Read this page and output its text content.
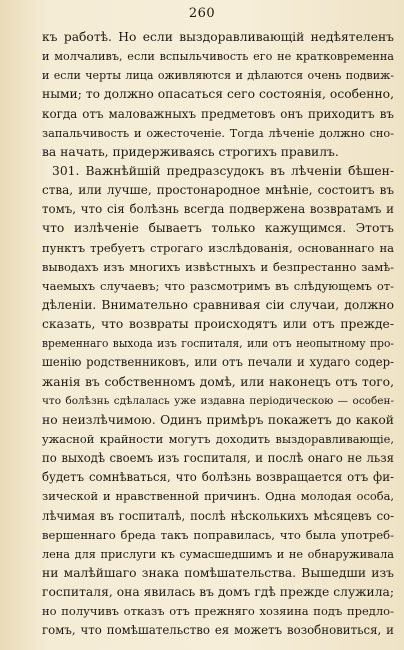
260
къ работѣ. Но если выздоравливающій недѣятеленъ
и молчаливъ, если вспыльчивость его не кратковременна
и если черты лица оживляются и дѣлаются очень подвиж-
ными; то должно опасаться сего состоянія, особенно,
когда отъ маловажныхъ предметовъ онъ приходитъ въ
запальчивость и ожесточеніе. Тогда лѣченіе должно сно-
ва начать, придерживаясь строгихъ правилъ.
301. Важнѣйшій предразсудокъ въ лѣченіи бѣшен-
ства, или лучше, простонародное мнѣніе, состоитъ въ
томъ, что сія болѣзнь всегда подвержена возвратамъ и
что излѣченіе бываетъ только кажущимся. Этотъ
пунктъ требуетъ строгаго изслѣдованія, основаннаго на
выводахъ изъ многихъ извѣстныхъ и безпрестанно замѣ-
чаемыхъ случаевъ; что разсмотримъ въ слѣдующемъ от-
дѣленіи. Внимательно сравнивая сіи случаи, должно
сказать, что возвраты происходятъ или отъ преждe-
временнаго выхода изъ госпиталя, или отъ неопытному про-
шенію родственниковъ, или отъ печали и худаго содер-
жанія въ собственномъ домѣ, или наконецъ отъ того,
что болѣзнь сдѣлалась уже издавна періодическою — особен-
но неизлѣчимою. Одинъ примѣръ покажетъ до какой
ужасной крайности могутъ доходить выздоравливающіе,
по выходѣ своемъ изъ госпиталя, и послѣ онаго не льзя
будетъ сомнѣваться, что болѣзнь возвращается отъ фи-
зической и нравственной причинъ. Одна молодая особа,
лѣчимая въ госпиталѣ, послѣ нѣсколькихъ мѣсяцевъ со-
вершеннаго бреда такъ поправилась, что была употреб-
лена для прислуги къ сумасшедшимъ и не обнаруживала
ни малѣйшаго знака помѣшательства. Вышедши изъ
госпиталя, она явилась въ домъ гдѣ прежде служила;
но получивъ отказъ отъ прежняго хозяина подъ предло-
гомъ, что помѣшательство ея можетъ возобновиться, и
